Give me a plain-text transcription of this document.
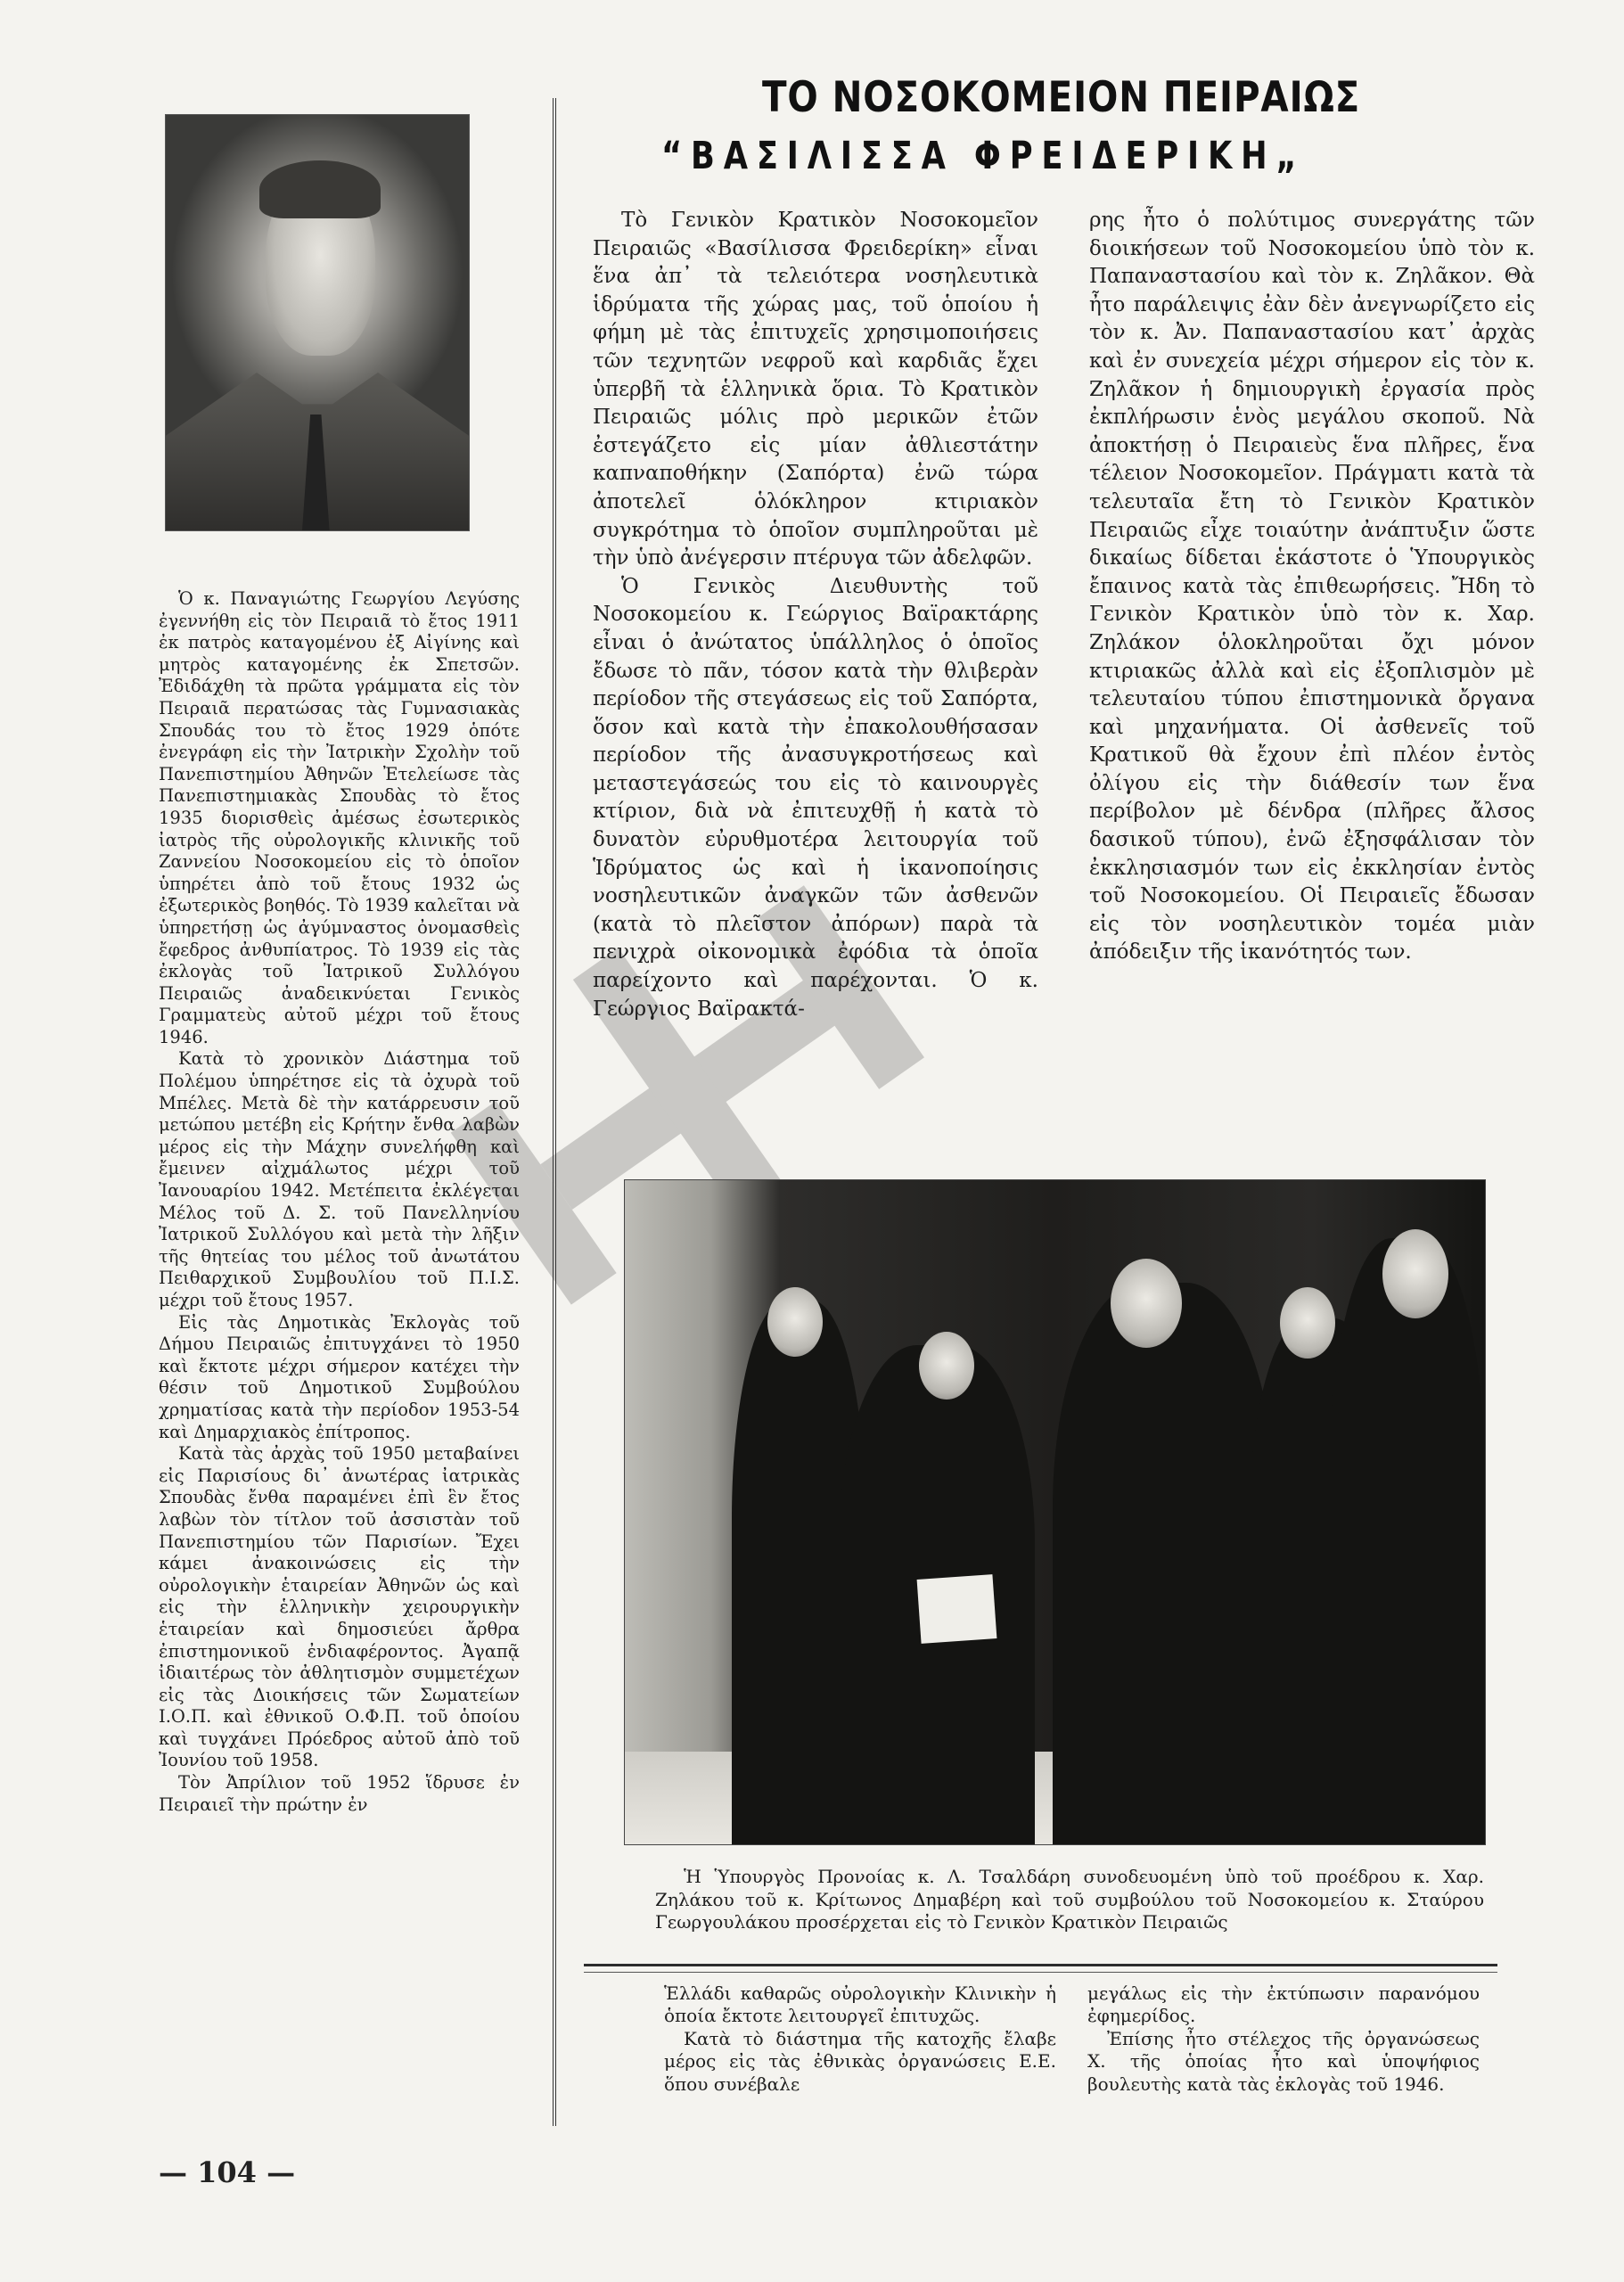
Ὁ κ. Παναγιώτης Γεωργίου Λεγύσης ἐγεννήθη εἰς τὸν Πειραιᾶ τὸ ἔτος 1911 ἐκ πατρὸς καταγομένου ἐξ Αἰγίνης καὶ μητρὸς καταγομένης ἐκ Σπετσῶν. Ἐδιδάχθη τὰ πρῶτα γράμματα εἰς τὸν Πειραιᾶ περατώσας τὰς Γυμνασιακὰς Σπουδάς του τὸ ἔτος 1929 ὁπότε ἐνεγράφη εἰς τὴν Ἰατρικὴν Σχολὴν τοῦ Πανεπιστημίου Ἀθηνῶν Ἐτελείωσε τὰς Πανεπιστημιακὰς Σπουδὰς τὸ ἔτος 1935 διορισθεὶς ἀμέσως ἐσωτερικὸς ἰατρὸς τῆς οὐρολογικῆς κλινικῆς τοῦ Ζαννείου Νοσοκομείου εἰς τὸ ὁποῖον ὑπηρέτει ἀπὸ τοῦ ἔτους 1932 ὡς ἐξωτερικὸς βοηθός. Τὸ 1939 καλεῖται νὰ ὑπηρετήσῃ ὡς ἀγύμναστος ὀνομασθεὶς ἔφεδρος ἀνθυπίατρος. Τὸ 1939 εἰς τὰς ἐκλογὰς τοῦ Ἰατρικοῦ Συλλόγου Πειραιῶς ἀναδεικνύεται Γενικὸς Γραμματεὺς αὐτοῦ μέχρι τοῦ ἔτους 1946.

Κατὰ τὸ χρονικὸν Διάστημα τοῦ Πολέμου ὑπηρέτησε εἰς τὰ ὀχυρὰ τοῦ Μπέλες. Μετὰ δὲ τὴν κατάρρευσιν τοῦ μετώπου μετέβη εἰς Κρήτην ἔνθα λαβὼν μέρος εἰς τὴν Μάχην συνελήφθη καὶ ἔμεινεν αἰχμάλωτος μέχρι τοῦ Ἰανουαρίου 1942. Μετέπειτα ἐκλέγεται Μέλος τοῦ Δ. Σ. τοῦ Πανελληνίου Ἰατρικοῦ Συλλόγου καὶ μετὰ τὴν λῆξιν τῆς θητείας του μέλος τοῦ ἀνωτάτου Πειθαρχικοῦ Συμβουλίου τοῦ Π.Ι.Σ. μέχρι τοῦ ἔτους 1957.

Εἰς τὰς Δημοτικὰς Ἐκλογὰς τοῦ Δήμου Πειραιῶς ἐπιτυγχάνει τὸ 1950 καὶ ἔκτοτε μέχρι σήμερον κατέχει τὴν θέσιν τοῦ Δημοτικοῦ Συμβούλου χρηματίσας κατὰ τὴν περίοδον 1953-54 καὶ Δημαρχιακὸς ἐπίτροπος.

Κατὰ τὰς ἀρχὰς τοῦ 1950 μεταβαίνει εἰς Παρισίους δι᾽ ἀνωτέρας ἰατρικὰς Σπουδὰς ἔνθα παραμένει ἐπὶ ἓν ἔτος λαβὼν τὸν τίτλον τοῦ ἀσσιστὰν τοῦ Πανεπιστημίου τῶν Παρισίων. Ἔχει κάμει ἀνακοινώσεις εἰς τὴν οὐρολογικὴν ἑταιρείαν Ἀθηνῶν ὡς καὶ εἰς τὴν ἑλληνικὴν χειρουργικὴν ἑταιρείαν καὶ δημοσιεύει ἄρθρα ἐπιστημονικοῦ ἐνδιαφέροντος. Ἀγαπᾷ ἰδιαιτέρως τὸν ἀθλητισμὸν συμμετέχων εἰς τὰς Διοικήσεις τῶν Σωματείων Ι.Ο.Π. καὶ ἐθνικοῦ Ο.Φ.Π. τοῦ ὁποίου καὶ τυγχάνει Πρόεδρος αὐτοῦ ἀπὸ τοῦ Ἰουνίου τοῦ 1958.

Τὸν Ἀπρίλιον τοῦ 1952 ἵδρυσε ἐν Πειραιεῖ τὴν πρώτην ἐν

ΤΟ ΝΟΣΟΚΟΜΕΙΟΝ ΠΕΙΡΑΙΩΣ
“ΒΑΣΙΛΙΣΣΑ ΦΡΕΙΔΕΡΙΚΗ„

Τὸ Γενικὸν Κρατικὸν Νοσοκομεῖον Πειραιῶς «Βασίλισσα Φρειδερίκη» εἶναι ἕνα ἀπ᾽ τὰ τελειότερα νοσηλευτικὰ ἱδρύματα τῆς χώρας μας, τοῦ ὁποίου ἡ φήμη μὲ τὰς ἐπιτυχεῖς χρησιμοποιήσεις τῶν τεχνητῶν νεφροῦ καὶ καρδιᾶς ἔχει ὑπερβῆ τὰ ἑλληνικὰ ὅρια. Τὸ Κρατικὸν Πειραιῶς μόλις πρὸ μερικῶν ἐτῶν ἐστεγάζετο εἰς μίαν ἀθλιεστάτην καπναποθήκην (Σαπόρτα) ἐνῶ τώρα ἀποτελεῖ ὁλόκληρον κτιριακὸν συγκρότημα τὸ ὁποῖον συμπληροῦται μὲ τὴν ὑπὸ ἀνέγερσιν πτέρυγα τῶν ἀδελφῶν.

Ὁ Γενικὸς Διευθυντὴς τοῦ Νοσοκομείου κ. Γεώργιος Βαϊρακτάρης εἶναι ὁ ἀνώτατος ὑπάλληλος ὁ ὁποῖος ἔδωσε τὸ πᾶν, τόσον κατὰ τὴν θλιβερὰν περίοδον τῆς στεγάσεως εἰς τοῦ Σαπόρτα, ὅσον καὶ κατὰ τὴν ἐπακολουθήσασαν περίοδον τῆς ἀνασυγκροτήσεως καὶ μεταστεγάσεώς του εἰς τὸ καινουργὲς κτίριον, διὰ νὰ ἐπιτευχθῇ ἡ κατὰ τὸ δυνατὸν εὐρυθμοτέρα λειτουργία τοῦ Ἱδρύματος ὡς καὶ ἡ ἱκανοποίησις νοσηλευτικῶν ἀναγκῶν τῶν ἀσθενῶν (κατὰ τὸ πλεῖστον ἀπόρων) παρὰ τὰ πενιχρὰ οἰκονομικὰ ἐφόδια τὰ ὁποῖα παρείχοντο καὶ παρέχονται. Ὁ κ. Γεώργιος Βαϊρακτά-

ρης ἦτο ὁ πολύτιμος συνεργάτης τῶν διοικήσεων τοῦ Νοσοκομείου ὑπὸ τὸν κ. Παπαναστασίου καὶ τὸν κ. Ζηλᾶκον. Θὰ ἦτο παράλειψις ἐὰν δὲν ἀνεγνωρίζετο εἰς τὸν κ. Ἀν. Παπαναστασίου κατ᾽ ἀρχὰς καὶ ἐν συνεχεία μέχρι σήμερον εἰς τὸν κ. Ζηλᾶκον ἡ δημιουργικὴ ἐργασία πρὸς ἐκπλήρωσιν ἑνὸς μεγάλου σκοποῦ. Νὰ ἀποκτήσῃ ὁ Πειραιεὺς ἕνα πλῆρες, ἕνα τέλειον Νοσοκομεῖον. Πράγματι κατὰ τὰ τελευταῖα ἔτη τὸ Γενικὸν Κρατικὸν Πειραιῶς εἶχε τοιαύτην ἀνάπτυξιν ὥστε δικαίως δίδεται ἑκάστοτε ὁ Ὑπουργικὸς ἔπαινος κατὰ τὰς ἐπιθεωρήσεις. Ἤδη τὸ Γενικὸν Κρατικὸν ὑπὸ τὸν κ. Χαρ. Ζηλάκον ὁλοκληροῦται ὄχι μόνον κτιριακῶς ἀλλὰ καὶ εἰς ἐξοπλισμὸν μὲ τελευταίου τύπου ἐπιστημονικὰ ὄργανα καὶ μηχανήματα. Οἱ ἀσθενεῖς τοῦ Κρατικοῦ θὰ ἔχουν ἐπὶ πλέον ἐντὸς ὀλίγου εἰς τὴν διάθεσίν των ἕνα περίβολον μὲ δένδρα (πλῆρες ἄλσος δασικοῦ τύπου), ἐνῶ ἐξησφάλισαν τὸν ἐκκλησιασμόν των εἰς ἐκκλησίαν ἐντὸς τοῦ Νοσοκομείου. Οἱ Πειραιεῖς ἔδωσαν εἰς τὸν νοσηλευτικὸν τομέα μιὰν ἀπόδειξιν τῆς ἱκανότητός των.

Ἡ Ὑπουργὸς Προνοίας κ. Λ. Τσαλδάρη συνοδευομένη ὑπὸ τοῦ προέδρου κ. Χαρ. Ζηλάκου τοῦ κ. Κρίτωνος Δημαβέρη καὶ τοῦ συμβούλου τοῦ Νοσοκομείου κ. Σταύρου Γεωργουλάκου προσέρχεται εἰς τὸ Γενικὸν Κρατικὸν Πειραιῶς

Ἑλλάδι καθαρῶς οὐρολογικὴν Κλινικὴν ἡ ὁποία ἔκτοτε λειτουργεῖ ἐπιτυχῶς.

Κατὰ τὸ διάστημα τῆς κατοχῆς ἔλαβε μέρος εἰς τὰς ἐθνικὰς ὀργανώσεις Ε.Ε. ὅπου συνέβαλε

μεγάλως εἰς τὴν ἐκτύπωσιν παρανόμου ἐφημερίδος.

Ἐπίσης ἦτο στέλεχος τῆς ὀργανώσεως Χ. τῆς ὁποίας ἦτο καὶ ὑποψήφιος βουλευτὴς κατὰ τὰς ἐκλογὰς τοῦ 1946.

— 104 —
